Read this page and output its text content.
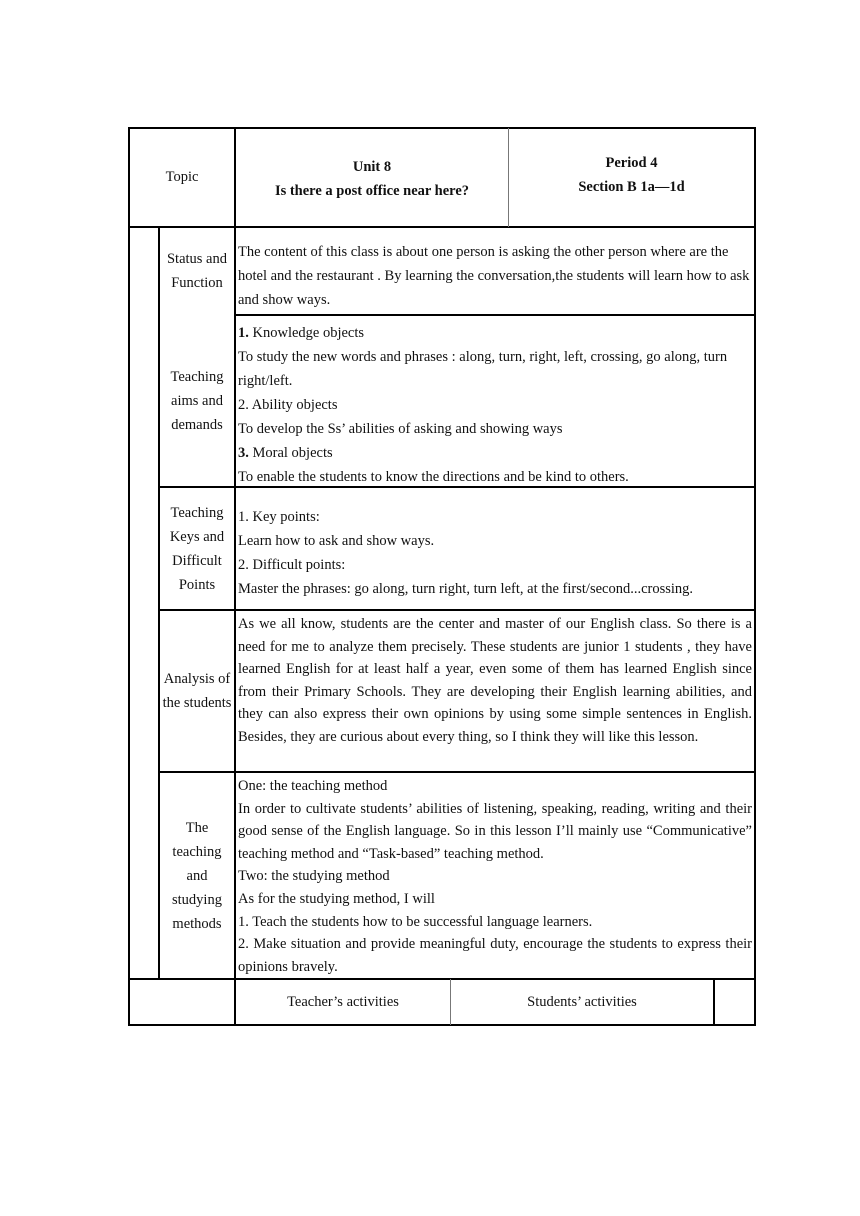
Topic
Unit 8
Is there a post office near here?
Period 4
Section B 1a—1d
Status and
Function

The content of this class is about one person is asking the other person where are the hotel and the restaurant . By learning the conversation,the students will learn how to ask and show ways.

Teaching
aims and
demands

1. Knowledge objects

To study the new words and phrases : along, turn, right, left, crossing, go along, turn right/left.

2. Ability objects

To develop the Ss’ abilities of asking and showing ways

3. Moral objects

To enable the students to know the directions and be kind to others.

Teaching
Keys and
Difficult
Points

1. Key points:

Learn how to ask and show ways.

2. Difficult points:

Master the phrases: go along, turn right, turn left, at the first/second...crossing.

Analysis of
the students

As we all know, students are the center and master of our English class. So there is a need for me to analyze them precisely. These students are junior 1 students , they have learned English for at least half a year, even some of them has learned English since from their Primary Schools. They are developing their English learning abilities, and they can also express their own opinions by using some simple sentences in English. Besides, they are curious about every thing, so I think they will like this lesson.

The
teaching
and
studying
methods

One: the teaching method

In order to cultivate students’ abilities of listening, speaking, reading, writing and their good sense of the English language. So in this lesson I’ll mainly use “Communicative” teaching method and “Task-based” teaching method.

Two: the studying method

As for the studying method, I will

1. Teach the students how to be successful language learners.

2. Make situation and provide meaningful duty, encourage the students to express their opinions bravely.

Teacher’s activities	Students’ activities
